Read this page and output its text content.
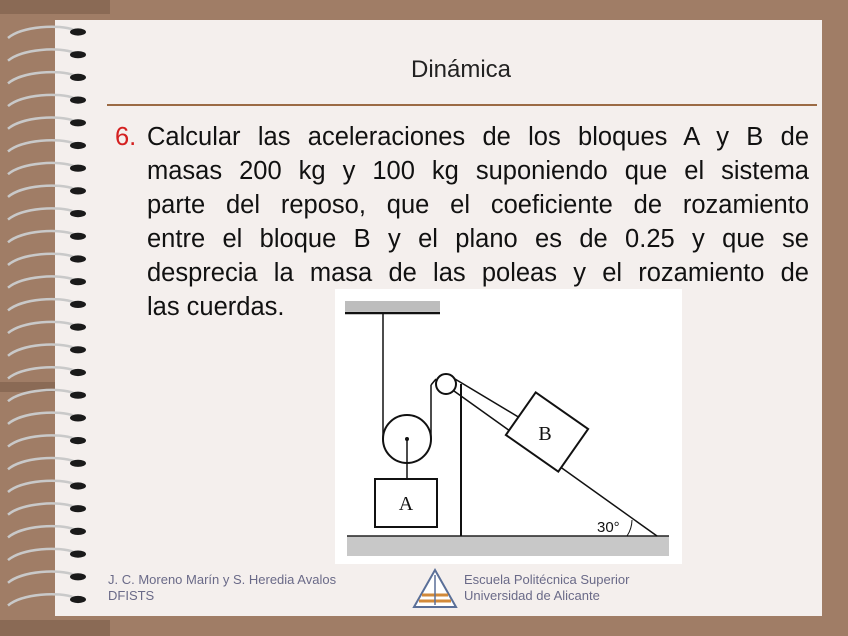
Dinámica
6. Calcular las aceleraciones de los bloques A y B de
masas 200 kg y 100 kg suponiendo que el sistema
parte del reposo, que el coeficiente de rozamiento
entre el bloque B y el plano es de 0.25 y que se
desprecia la masa de las poleas y el rozamiento de
las cuerdas.
A
B
30°
J. C. Moreno Marín y S. Heredia Avalos
DFISTS
Escuela Politécnica Superior
Universidad de Alicante
